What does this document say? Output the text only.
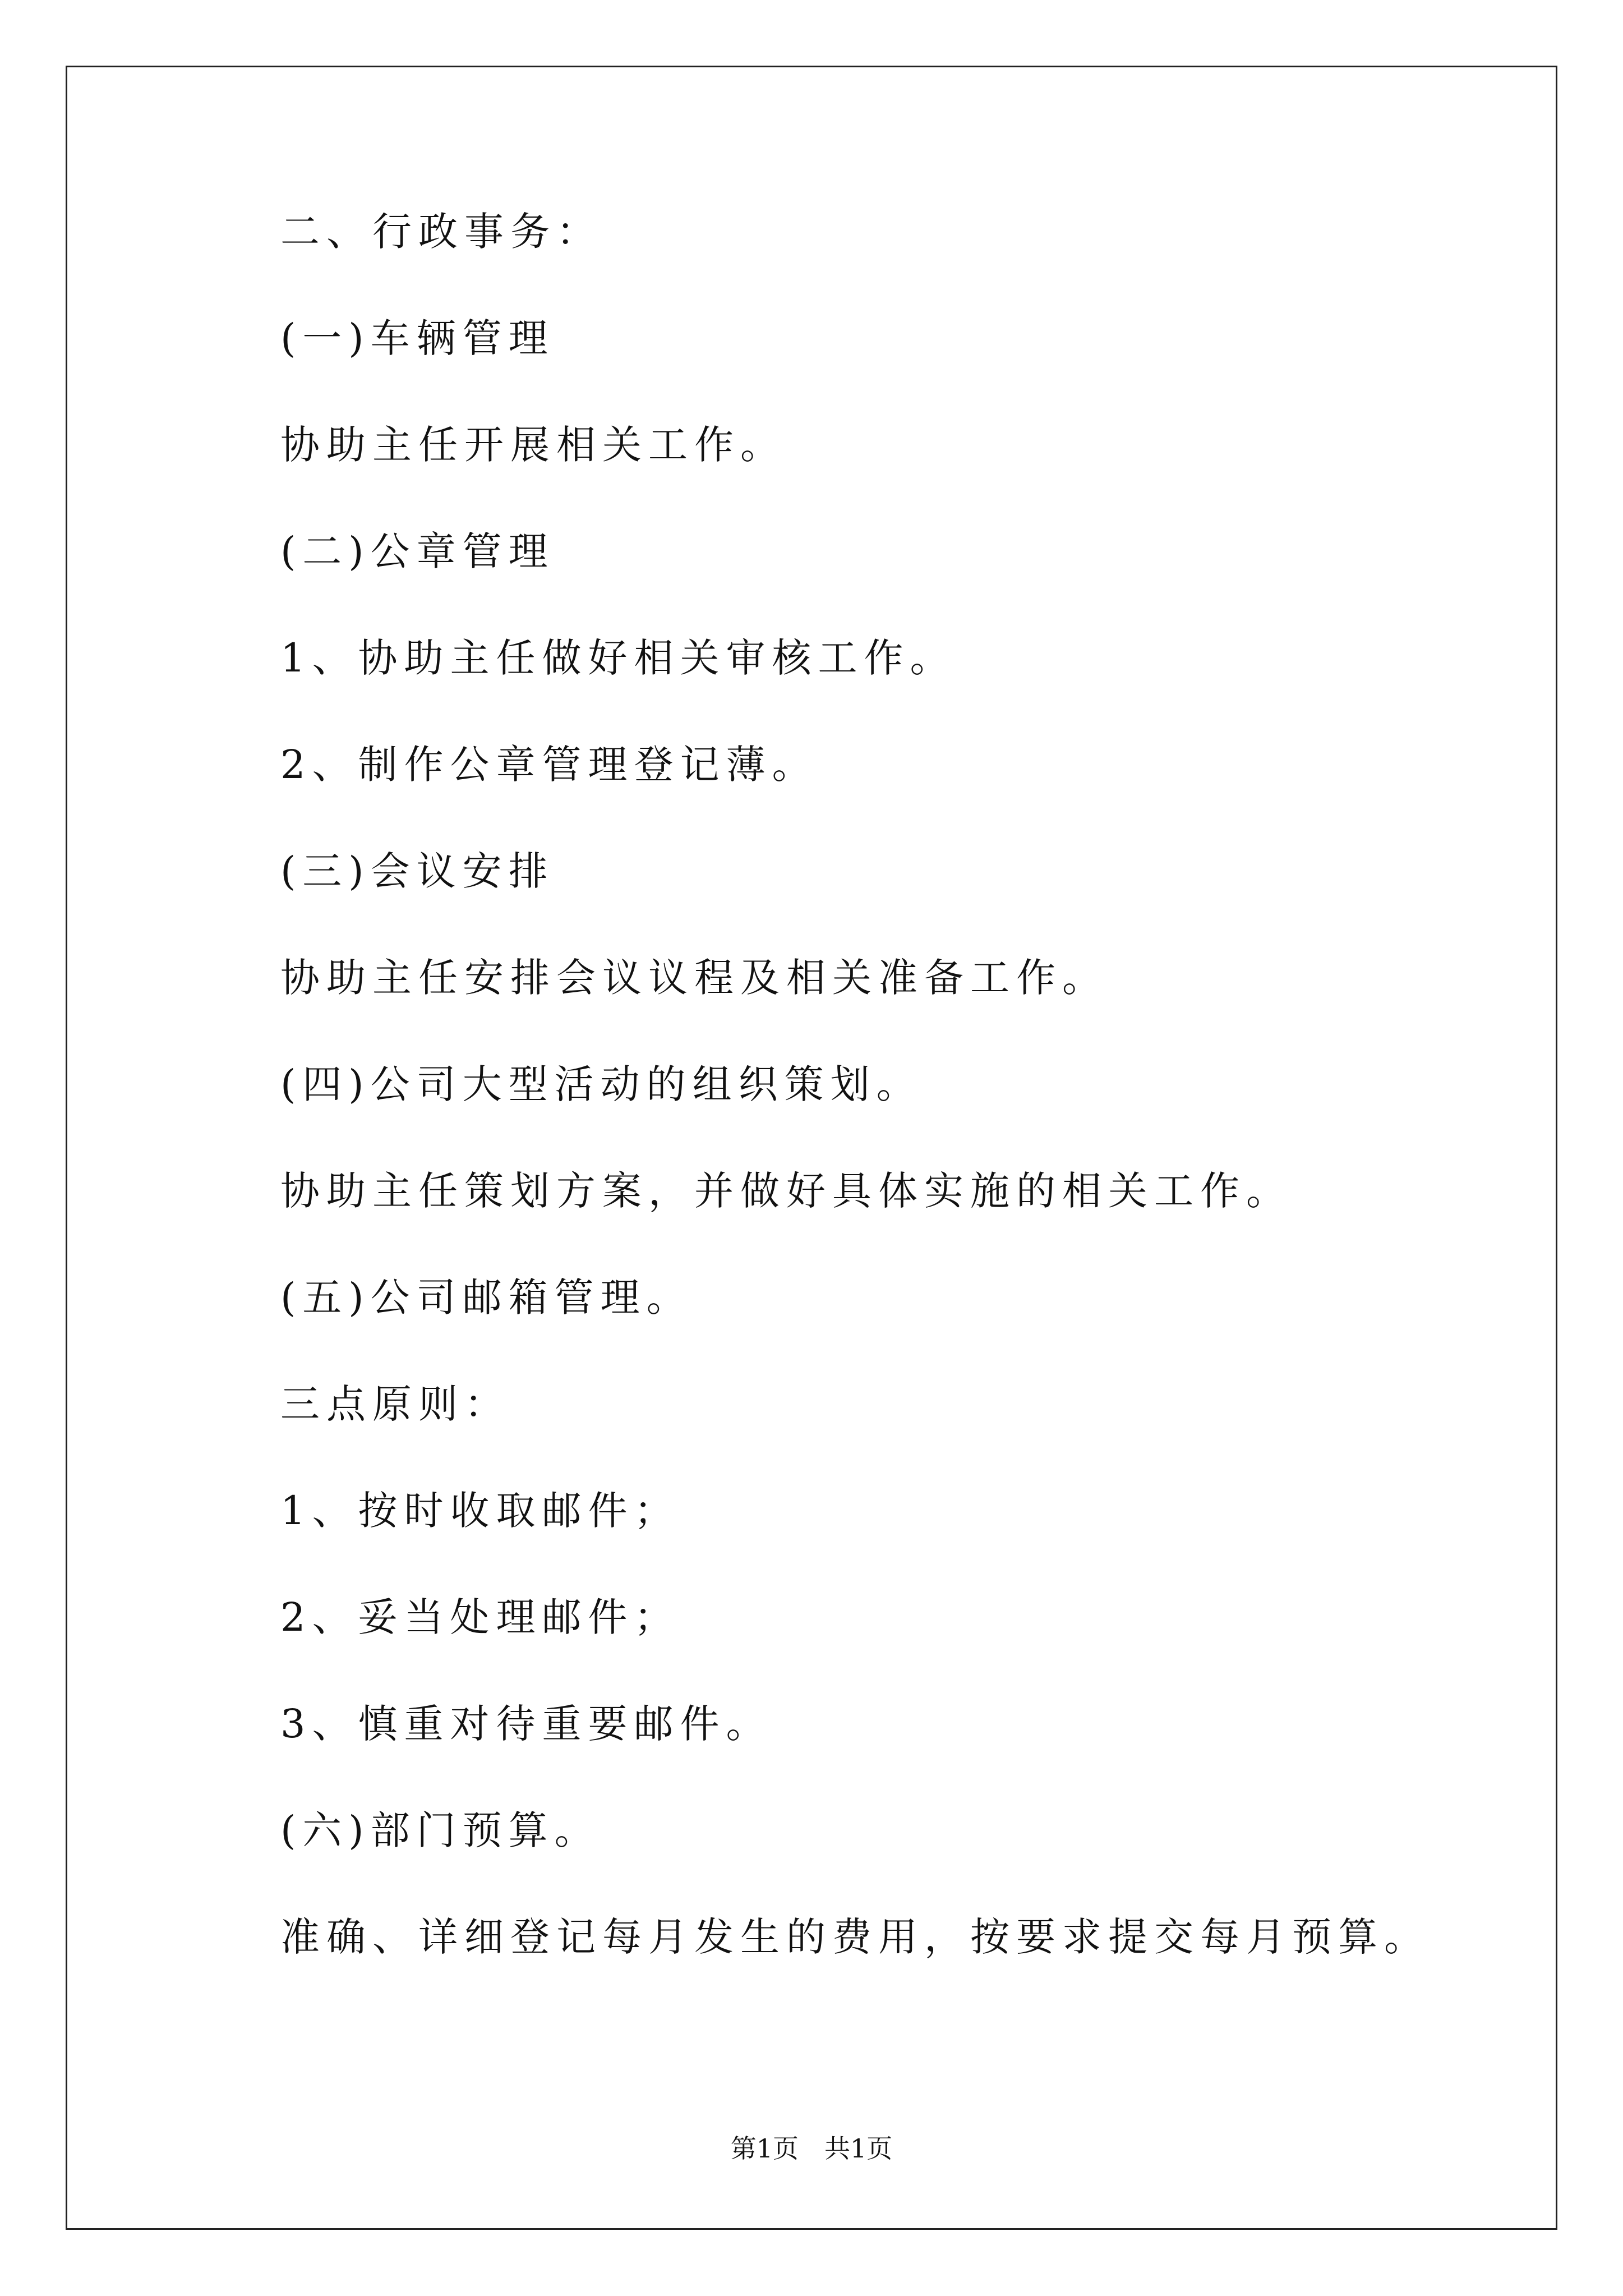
二、行政事务：
(一)车辆管理
协助主任开展相关工作。
(二)公章管理
1、协助主任做好相关审核工作。
2、制作公章管理登记薄。
(三)会议安排
协助主任安排会议议程及相关准备工作。
(四)公司大型活动的组织策划。
协助主任策划方案，并做好具体实施的相关工作。
(五)公司邮箱管理。
三点原则：
1、按时收取邮件；
2、妥当处理邮件；
3、慎重对待重要邮件。
(六)部门预算。
准确、详细登记每月发生的费用，按要求提交每月预算。
第1页　共1页
